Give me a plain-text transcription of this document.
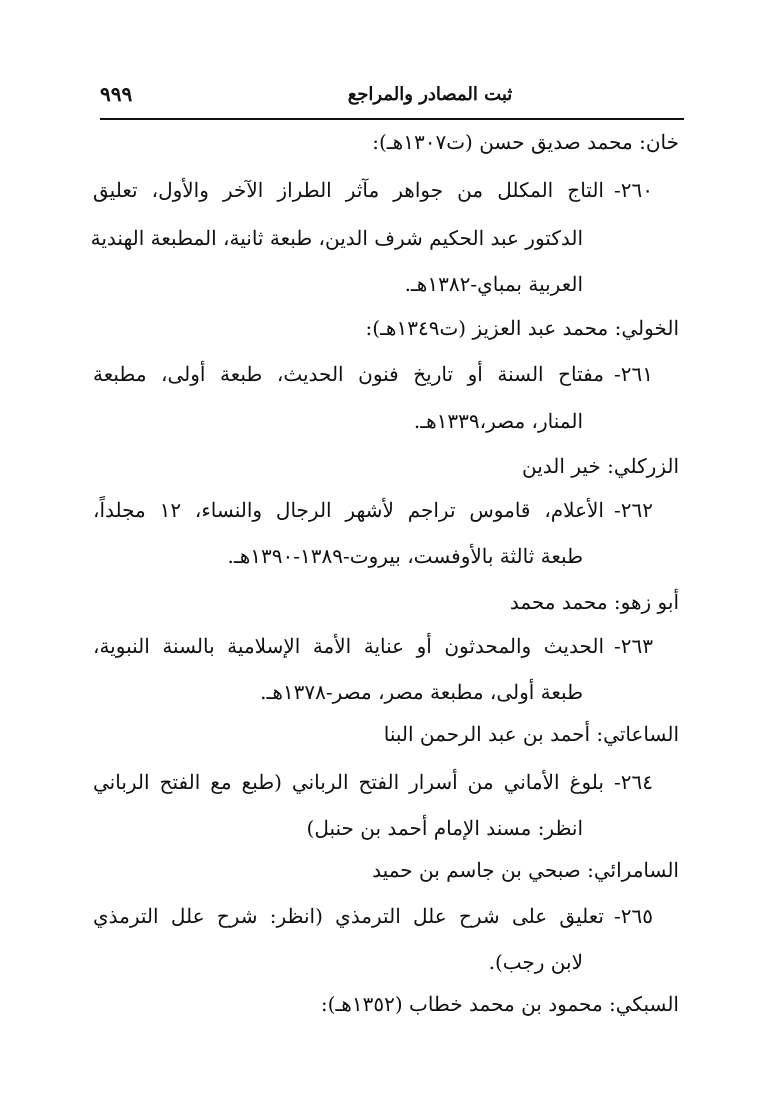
٩٩٩	ثبت المصادر والمراجع
خان: محمد صديق حسن (ت١٣٠٧هـ):
٢٦٠-التاج المكلل من جواهر مآثر الطراز الآخر والأول، تعليق
الدكتور عبد الحكيم شرف الدين، طبعة ثانية، المطبعة الهندية
العربية بمباي-١٣٨٢هـ.
الخولي: محمد عبد العزيز (ت١٣٤٩هـ):
٢٦١-مفتاح السنة أو تاريخ فنون الحديث، طبعة أولى، مطبعة
المنار، مصر،١٣٣٩هـ.
الزركلي: خير الدين
٢٦٢-الأعلام، قاموس تراجم لأشهر الرجال والنساء، ١٢ مجلداً،
طبعة ثالثة بالأوفست، بيروت-١٣٨٩-١٣٩٠هـ.
أبو زهو: محمد محمد
٢٦٣-الحديث والمحدثون أو عناية الأمة الإسلامية بالسنة النبوية،
طبعة أولى، مطبعة مصر، مصر-١٣٧٨هـ.
الساعاتي: أحمد بن عبد الرحمن البنا
٢٦٤-بلوغ الأماني من أسرار الفتح الرباني (طبع مع الفتح الرباني
انظر: مسند الإمام أحمد بن حنبل)
السامرائي: صبحي بن جاسم بن حميد
٢٦٥-تعليق على شرح علل الترمذي (انظر: شرح علل الترمذي
لابن رجب).
السبكي: محمود بن محمد خطاب (١٣٥٢هـ):
